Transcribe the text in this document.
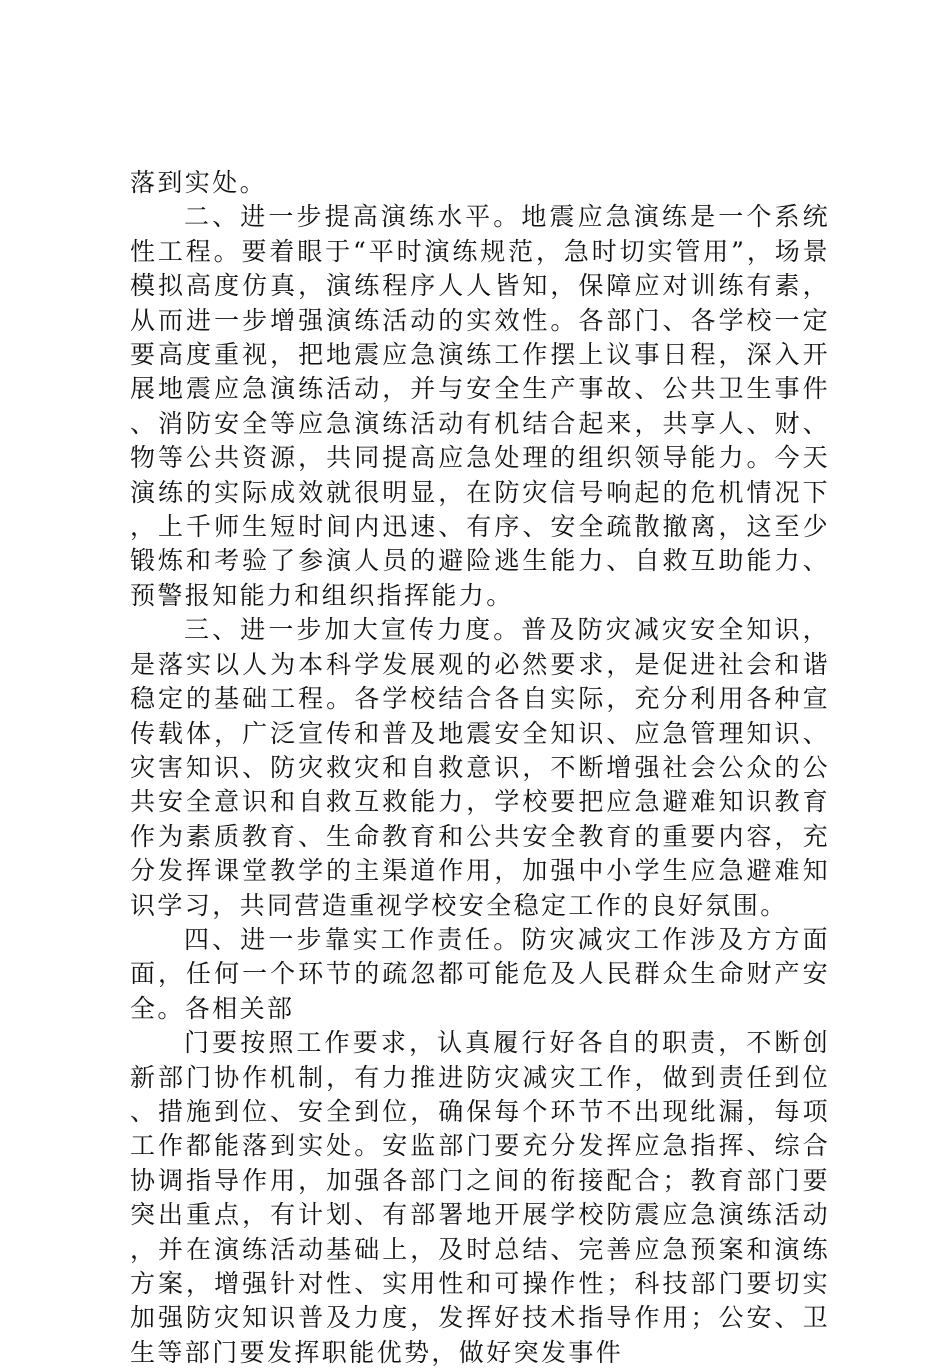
落到实处。

二、进一步提高演练水平。地震应急演练是一个系统性工程。要着眼于“平时演练规范，急时切实管用”，场景模拟高度仿真，演练程序人人皆知，保障应对训练有素，从而进一步增强演练活动的实效性。各部门、各学校一定要高度重视，把地震应急演练工作摆上议事日程，深入开展地震应急演练活动，并与安全生产事故、公共卫生事件、消防安全等应急演练活动有机结合起来，共享人、财、物等公共资源，共同提高应急处理的组织领导能力。今天演练的实际成效就很明显，在防灾信号响起的危机情况下，上千师生短时间内迅速、有序、安全疏散撤离，这至少锻炼和考验了参演人员的避险逃生能力、自救互助能力、预警报知能力和组织指挥能力。

三、进一步加大宣传力度。普及防灾减灾安全知识，是落实以人为本科学发展观的必然要求，是促进社会和谐稳定的基础工程。各学校结合各自实际，充分利用各种宣传载体，广泛宣传和普及地震安全知识、应急管理知识、灾害知识、防灾救灾和自救意识，不断增强社会公众的公共安全意识和自救互救能力，学校要把应急避难知识教育作为素质教育、生命教育和公共安全教育的重要内容，充分发挥课堂教学的主渠道作用，加强中小学生应急避难知识学习，共同营造重视学校安全稳定工作的良好氛围。

四、进一步靠实工作责任。防灾减灾工作涉及方方面面，任何一个环节的疏忽都可能危及人民群众生命财产安全。各相关部

门要按照工作要求，认真履行好各自的职责，不断创新部门协作机制，有力推进防灾减灾工作，做到责任到位、措施到位、安全到位，确保每个环节不出现纰漏，每项工作都能落到实处。安监部门要充分发挥应急指挥、综合协调指导作用，加强各部门之间的衔接配合；教育部门要突出重点，有计划、有部署地开展学校防震应急演练活动，并在演练活动基础上，及时总结、完善应急预案和演练方案，增强针对性、实用性和可操作性；科技部门要切实加强防灾知识普及力度，发挥好技术指导作用；公安、卫生等部门要发挥职能优势，做好突发事件
